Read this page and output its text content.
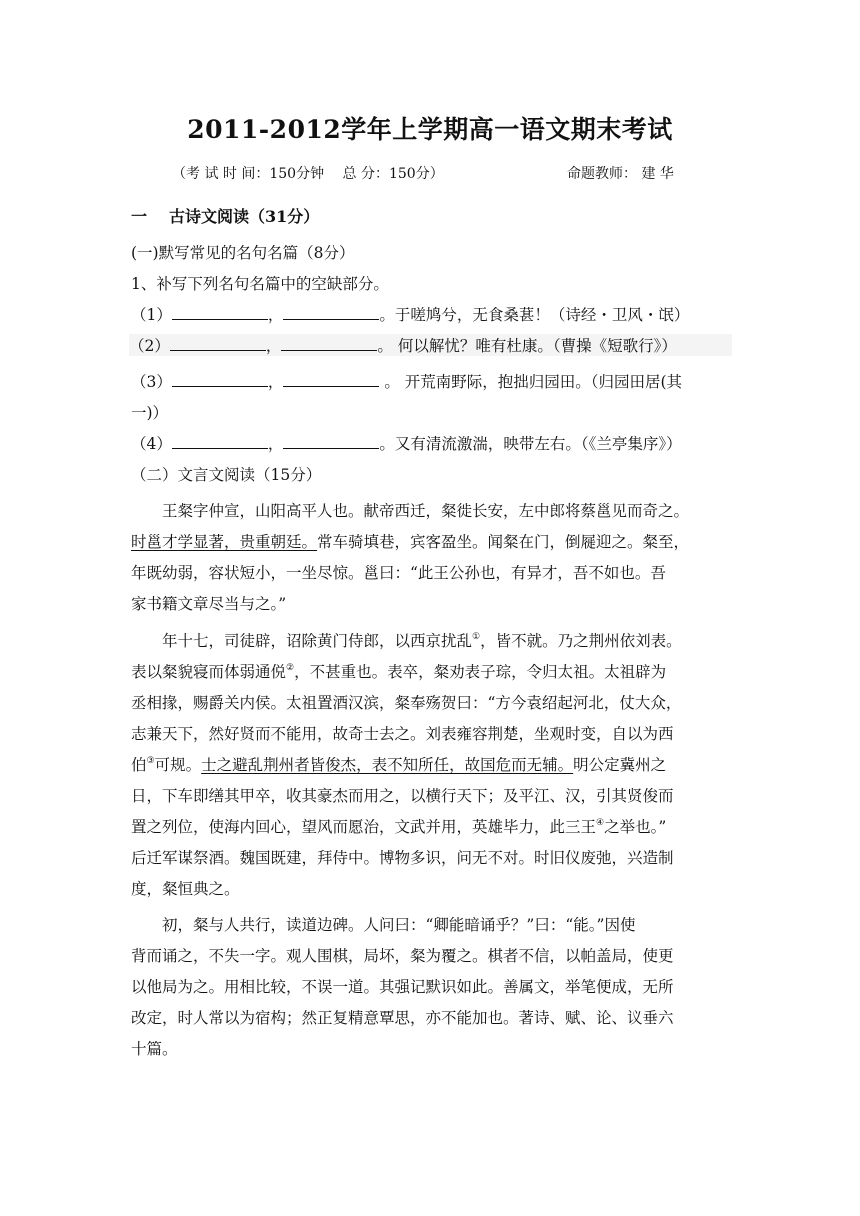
2011-2012学年上学期高一语文期末考试
（考 试 时 间：150分钟　 总 分：150分）	命题教师： 建 华
一 古诗文阅读（31分）
(一)默写常见的名句名篇（8分）
1、补写下列名句名篇中的空缺部分。
（1）	，	。于嗟鸠兮，无食桑葚！（诗经・卫风・氓）
（2）	，	。 何以解忧？唯有杜康。（曹操《短歌行》）
（3）	，	。 开荒南野际，抱拙归园田。（归园田居(其
一)）
（4）	，	。又有清流激湍，映带左右。（《兰亭集序》）
（二）文言文阅读（15分）
王粲字仲宣，山阳高平人也。献帝西迁，粲徙长安，左中郎将蔡邕见而奇之。
时邕才学显著，贵重朝廷。常车骑填巷，宾客盈坐。闻粲在门，倒屣迎之。粲至，
年既幼弱，容状短小，一坐尽惊。邕曰：“此王公孙也，有异才，吾不如也。吾
家书籍文章尽当与之。”
年十七，司徒辟，诏除黄门侍郎，以西京扰乱①，皆不就。乃之荆州依刘表。
表以粲貌寝而体弱通侻②，不甚重也。表卒，粲劝表子琮，令归太祖。太祖辟为
丞相掾，赐爵关内侯。太祖置酒汉滨，粲奉殇贺曰：“方今袁绍起河北，仗大众，
志兼天下，然好贤而不能用，故奇士去之。刘表雍容荆楚，坐观时变，自以为西
伯③可规。士之避乱荆州者皆俊杰，表不知所任，故国危而无辅。明公定冀州之
日，下车即缮其甲卒，收其豪杰而用之，以横行天下；及平江、汉，引其贤俊而
置之列位，使海内回心，望风而愿治，文武并用，英雄毕力，此三王④之举也。”
后迁军谋祭酒。魏国既建，拜侍中。博物多识，问无不对。时旧仪废弛，兴造制
度，粲恒典之。
初，粲与人共行，读道边碑。人问曰：“卿能暗诵乎？”曰：“能。”因使
背而诵之，不失一字。观人围棋，局坏，粲为覆之。棋者不信，以帕盖局，使更
以他局为之。用相比较，不误一道。其强记默识如此。善属文，举笔便成，无所
改定，时人常以为宿构；然正复精意覃思，亦不能加也。著诗、赋、论、议垂六
十篇。
